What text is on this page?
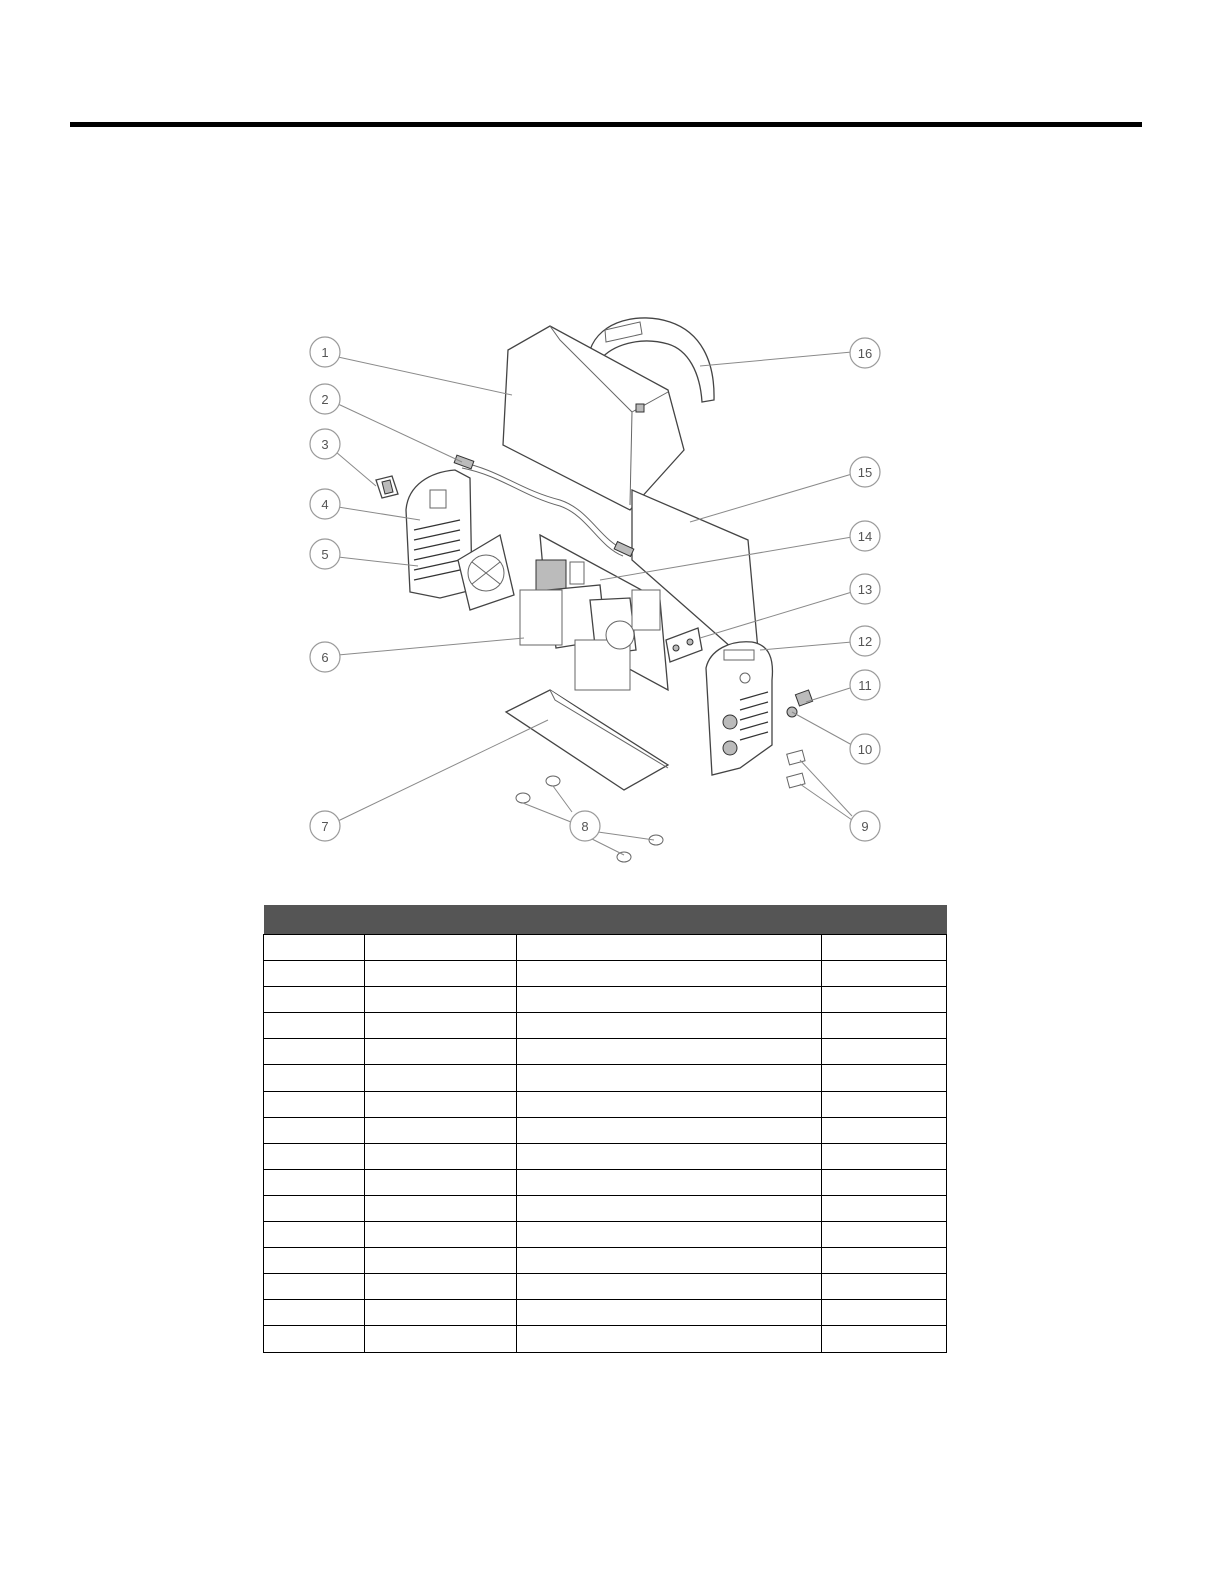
1
2
3
4
5
6
7	8	9
10
11
12
13
14
15
16
